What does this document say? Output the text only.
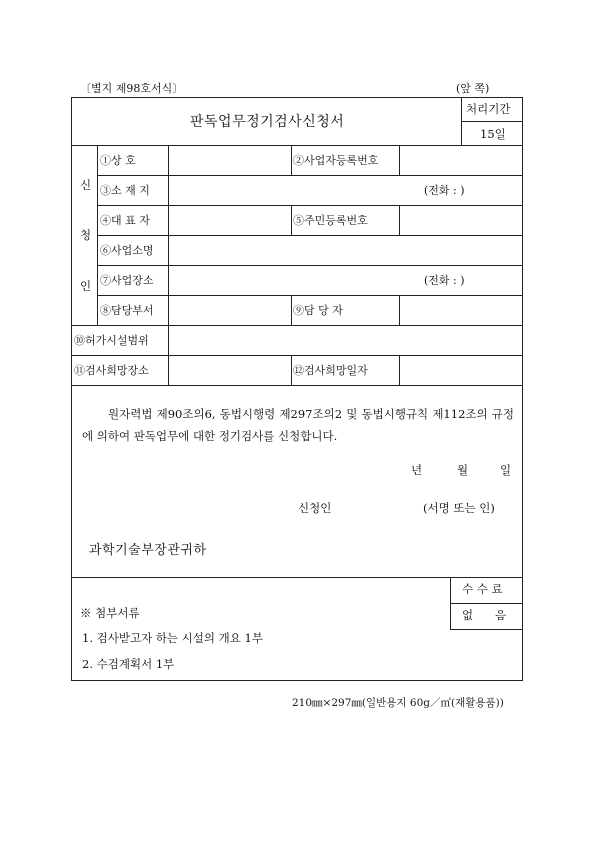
〔별지 제98호서식〕	(앞 쪽)
판독업무정기검사신청서
처리기간
15일
신
청
인
①상 호	②사업자등록번호
③소 재 지	(전화 : )
④대 표 자	⑤주민등록번호
⑥사업소명
⑦사업장소	(전화 : )
⑧담당부서	⑨담 당 자
⑩허가시설범위
⑪검사희망장소	⑫검사희망일자
원자력법 제90조의6, 동법시행령 제297조의2 및 동법시행규칙 제112조의 규정에 의하여 판독업무에 대한 정기검사를 신청합니다.
년	월	일
신청인	(서명 또는 인)
과학기술부장관귀하
수 수 료
없      음
※ 첨부서류
1. 검사받고자 하는 시설의 개요 1부
2. 수검계획서 1부
210㎜×297㎜(일반용지 60g／㎡(재활용품))
